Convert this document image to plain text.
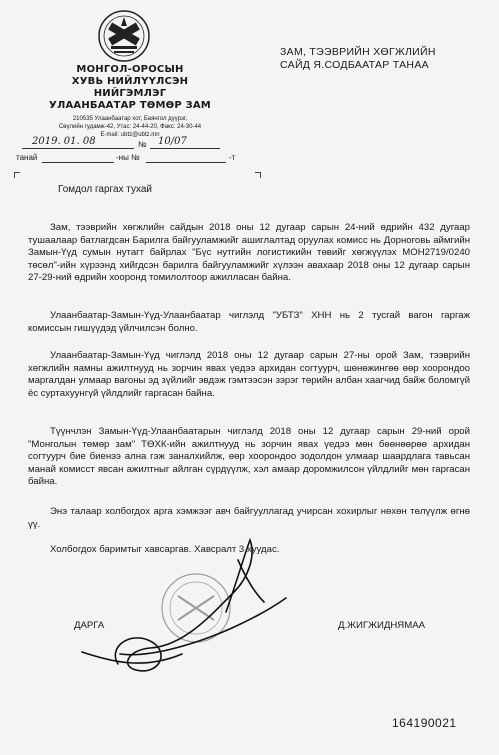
МОНГОЛ-ОРОСЫН
ХУВЬ НИЙЛҮҮЛСЭН НИЙГЭМЛЭГ
УЛААНБААТАР ТӨМӨР ЗАМ
210535 Улаанбаатар хот, Баянгол дүүрэг,
Сөүлийн гудамж-42, Утас: 24-44-20, Факс: 24-30-44
E-mail: ubtz@ubtz.mn
ЗАМ, ТЭЭВРИЙН ХӨГЖЛИЙН
САЙД Я.СОДБААТАР ТАНАА
2019. 01. 08	№ 10/07
танай	-ны №	-т
Гомдол гаргах тухай
Зам, тээврийн хөгжлийн сайдын 2018 оны 12 дугаар сарын 24-ний өдрийн 432 дугаар тушаалаар батлагдсан Барилга байгууламжийг ашиглалтад оруулах комисс нь Дорноговь аймгийн Замын-Үүд сумын нутагт байрлах "Бүс нутгийн логистикийн төвийг хөгжүүлэх МОН2719/0240 төсөл"-ийн хүрээнд хийгдсэн барилга байгууламжийг хүлээн авахаар 2018 оны 12 дугаар сарын 27-29-ний өдрийн хооронд томилолтоор ажилласан байна.
Улаанбаатар-Замын-Үүд-Улаанбаатар чиглэлд "УБТЗ" ХНН нь 2 тусгай вагон гаргаж комиссын гишүүдэд үйлчилсэн болно.
Улаанбаатар-Замын-Үүд чиглэлд 2018 оны 12 дугаар сарын 27-ны орой Зам, тээврийн хөгжлийн яамны ажилтнууд нь зорчин явах үедээ архидан согтуурч, шөнөжингөө өөр хоорондоо маргалдан улмаар вагоны эд зүйлийг эвдэж гэмтээсэн зэрэг төрийн албан хаагчид байж боломгүй ёс суртахуунгүй үйлдлийг гаргасан байна.
Түүнчлэн Замын-Үүд-Улаанбаатарын чиглэлд 2018 оны 12 дугаар сарын 29-ний орой "Монголын төмөр зам" ТӨХК-ийн ажилтнууд нь зорчин явах үедээ мөн бөөнөөрөө архидан согтуурч бие биенээ ална гэж заналхийлж, өөр хоорондоо зодолдон улмаар шаардлага тавьсан манай комисст явсан ажилтныг айлган сүрдүүлж, хэл амаар доромжилсон үйлдлийг мөн гаргасан байна.
Энэ талаар холбогдох арга хэмжээг авч байгууллагад учирсан хохирлыг нөхөн төлүүлж өгнө үү.
Холбогдох баримтыг хавсаргав. Хавсралт 3 хуудас.
ДАРГА	Д.ЖИГЖИДНЯМАА
164190021
